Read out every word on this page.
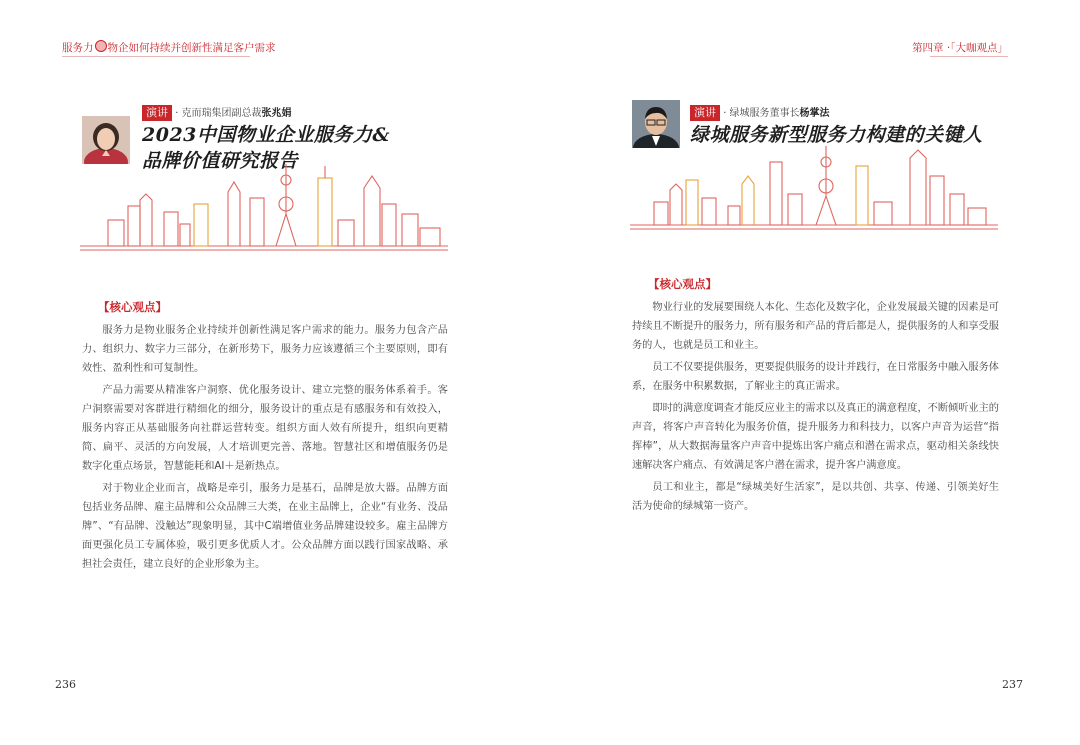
服务力 物企如何持续并创新性满足客户需求
演讲 · 克而瑞集团副总裁张兆娟
2023中国物业企业服务力&
品牌价值研究报告
【核心观点】

服务力是物业服务企业持续并创新性满足客户需求的能力。服务力包含产品力、组织力、数字力三部分，在新形势下，服务力应该遵循三个主要原则，即有效性、盈利性和可复制性。

产品力需要从精准客户洞察、优化服务设计、建立完整的服务体系着手。客户洞察需要对客群进行精细化的细分，服务设计的重点是有感服务和有效投入，服务内容正从基础服务向社群运营转变。组织方面人效有所提升，组织向更精简、扁平、灵活的方向发展，人才培训更完善、落地。智慧社区和增值服务仍是数字化重点场景，智慧能耗和AI＋是新热点。

对于物业企业而言，战略是牵引，服务力是基石，品牌是放大器。品牌方面包括业务品牌、雇主品牌和公众品牌三大类，在业主品牌上，企业“有业务、没品牌”、“有品牌、没触达”现象明显，其中C端增值业务品牌建设较多。雇主品牌方面更强化员工专属体验，吸引更多优质人才。公众品牌方面以践行国家战略、承担社会责任，建立良好的企业形象为主。

236
第四章 ·「大咖观点」
演讲 · 绿城服务董事长杨掌法
绿城服务新型服务力构建的关键人
【核心观点】

物业行业的发展要围绕人本化、生态化及数字化，企业发展最关键的因素是可持续且不断提升的服务力，所有服务和产品的背后都是人，提供服务的人和享受服务的人，也就是员工和业主。

员工不仅要提供服务，更要提供服务的设计并践行，在日常服务中融入服务体系，在服务中积累数据，了解业主的真正需求。

即时的满意度调查才能反应业主的需求以及真正的满意程度，不断倾听业主的声音，将客户声音转化为服务价值，提升服务力和科技力，以客户声音为运营“指挥棒”，从大数据海量客户声音中提炼出客户痛点和潜在需求点，驱动相关条线快速解决客户痛点、有效满足客户潜在需求，提升客户满意度。

员工和业主，都是“绿城美好生活家”，是以共创、共享、传递、引领美好生活为使命的绿城第一资产。

237
